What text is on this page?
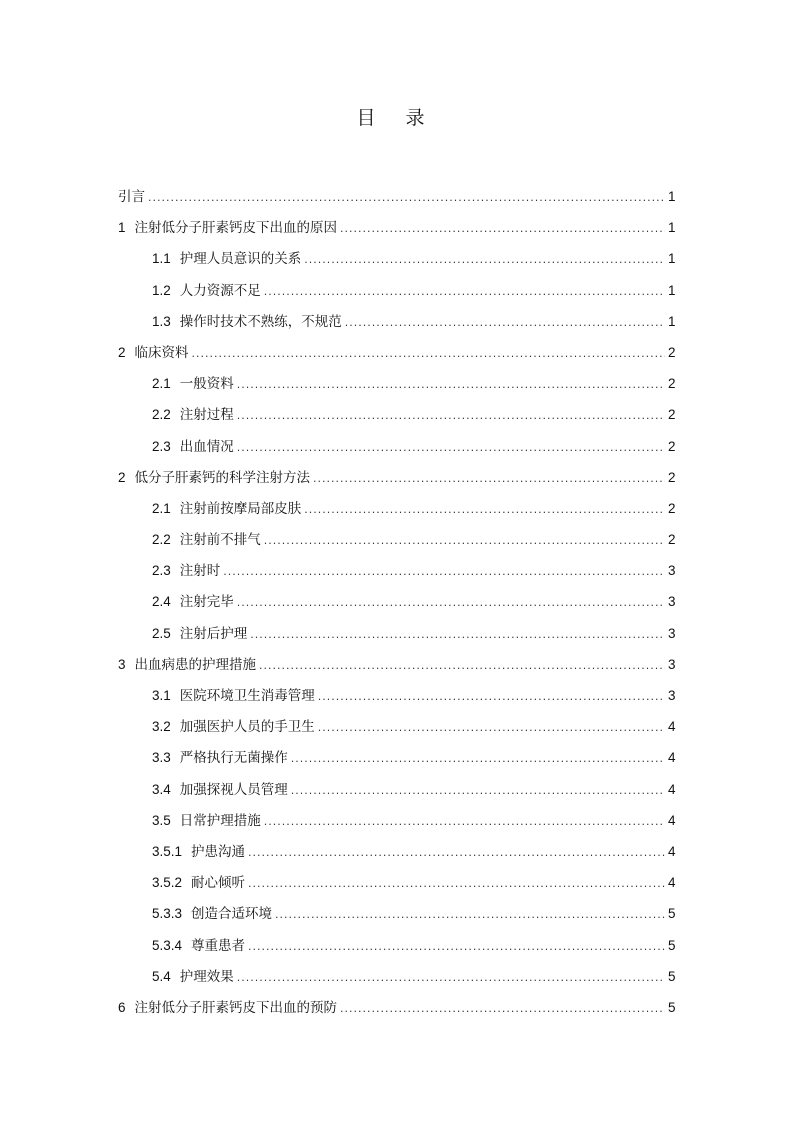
目 录
引言 .....	1
1 注射低分子肝素钙皮下出血的原因 .....	1
1.1 护理人员意识的关系 .....	1
1.2 人力资源不足 .....	1
1.3 操作时技术不熟练，不规范 .....	1
2 临床资料 .....	2
2.1 一般资料 .....	2
2.2 注射过程 .....	2
2.3 出血情况 .....	2
2 低分子肝素钙的科学注射方法 .....	2
2.1 注射前按摩局部皮肤 .....	2
2.2 注射前不排气 .....	2
2.3 注射时 .....	3
2.4 注射完毕 .....	3
2.5 注射后护理 .....	3
3 出血病患的护理措施 .....	3
3.1 医院环境卫生消毒管理 .....	3
3.2 加强医护人员的手卫生 .....	4
3.3 严格执行无菌操作 .....	4
3.4 加强探视人员管理 .....	4
3.5 日常护理措施 .....	4
3.5.1 护患沟通 .....	4
3.5.2 耐心倾听 .....	4
5.3.3 创造合适环境 .....	5
5.3.4 尊重患者 .....	5
5.4 护理效果 .....	5
6 注射低分子肝素钙皮下出血的预防 .....	5
